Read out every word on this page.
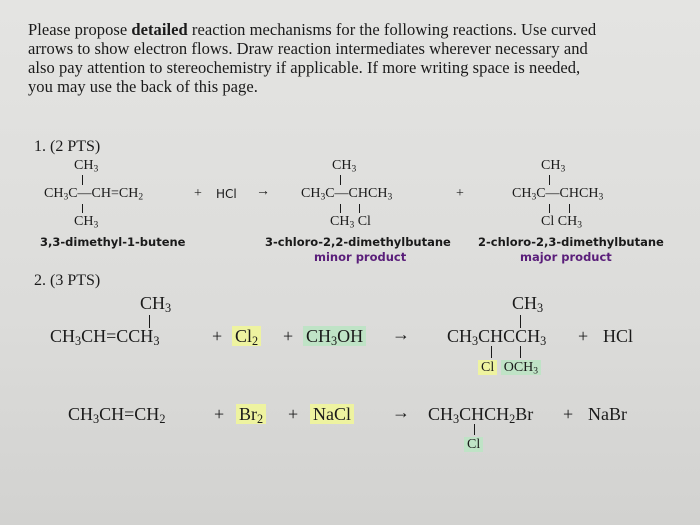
Please propose detailed reaction mechanisms for the following reactions. Use curved
arrows to show electron flows. Draw reaction intermediates wherever necessary and
also pay attention to stereochemistry if applicable. If more writing space is needed,
you may use the back of this page.
1. (2 PTS)
$CH_3$
$CH_3C—CH=CH_2$
$CH_3$
3,3-dimethyl-1-butene
+ HCl →
$CH_3$
$CH_3C—CHCH_3$
$CH_3$ Cl
3-chloro-2,2-dimethylbutane
minor product
+
$CH_3$
$CH_3C—CHCH_3$
Cl $CH_3$
2-chloro-2,3-dimethylbutane
major product
2. (3 PTS)
$CH_3$
$CH_3CH=CCH_3$	+ $Cl_2 + CH_3OH$ →
$CH_3$
$CH_3CHCCH_3$
Cl $OCH_3$
+ HCl
$CH_3CH=CH_2$	+ $Br_2$ + NaCl → $CH_3CHCH_2Br$
Cl
+ NaBr
